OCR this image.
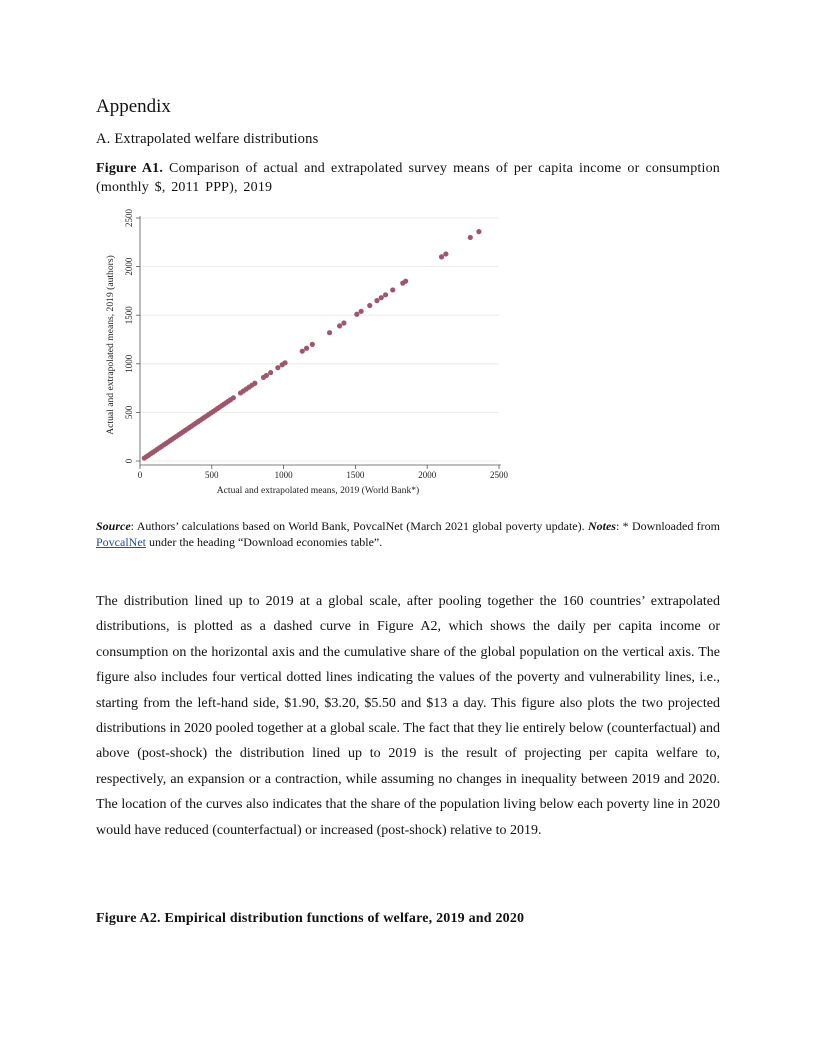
Appendix
A. Extrapolated welfare distributions

Figure A1. Comparison of actual and extrapolated survey means of per capita income or consumption (monthly $, 2011 PPP), 2019

0	500	1000	1500	2000	2500
0
500
1000
1500
2000
2500
Actual and extrapolated means, 2019 (World Bank*)
Actual and extrapolated means, 2019 (authors)

Source: Authors’ calculations based on World Bank, PovcalNet (March 2021 global poverty update). Notes: * Downloaded from PovcalNet under the heading “Download economies table”.

The distribution lined up to 2019 at a global scale, after pooling together the 160 countries’ extrapolated distributions, is plotted as a dashed curve in Figure A2, which shows the daily per capita income or consumption on the horizontal axis and the cumulative share of the global population on the vertical axis. The figure also includes four vertical dotted lines indicating the values of the poverty and vulnerability lines, i.e., starting from the left-hand side, $1.90, $3.20, $5.50 and $13 a day. This figure also plots the two projected distributions in 2020 pooled together at a global scale. The fact that they lie entirely below (counterfactual) and above (post-shock) the distribution lined up to 2019 is the result of projecting per capita welfare to, respectively, an expansion or a contraction, while assuming no changes in inequality between 2019 and 2020. The location of the curves also indicates that the share of the population living below each poverty line in 2020 would have reduced (counterfactual) or increased (post-shock) relative to 2019.

Figure A2. Empirical distribution functions of welfare, 2019 and 2020
